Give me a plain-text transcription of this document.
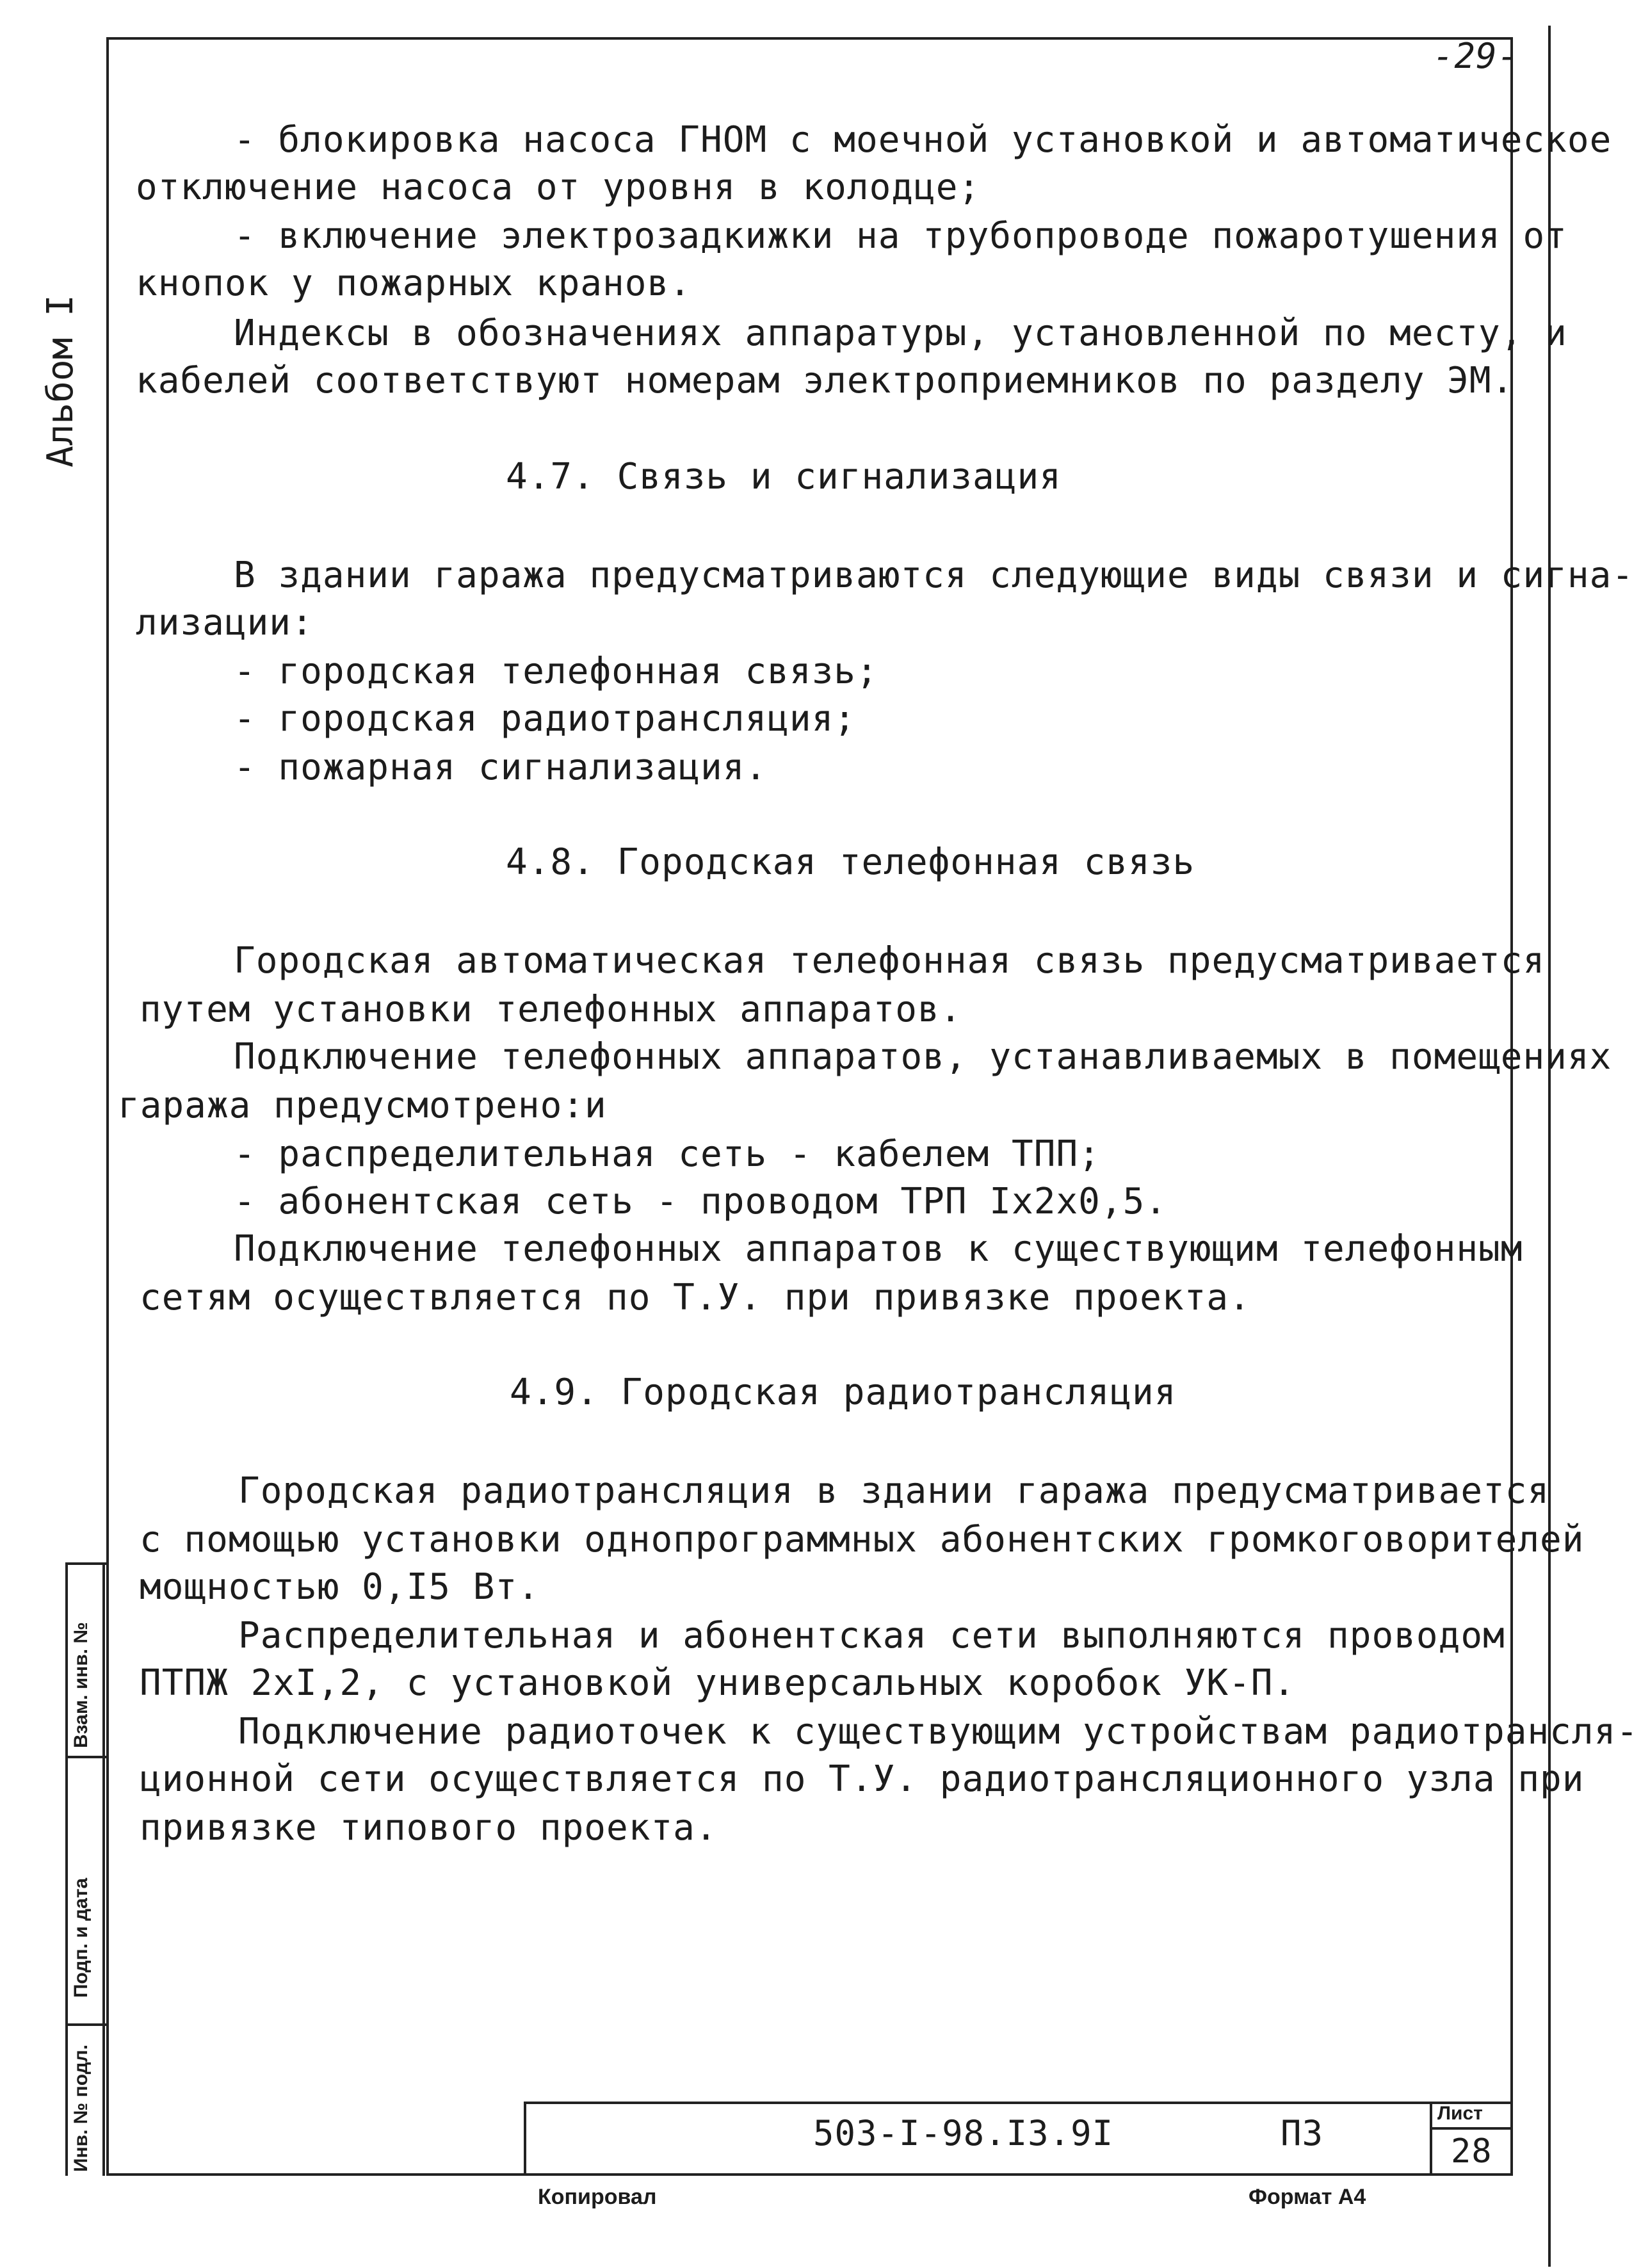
-29-
Альбом I
Взам. инв. №
Подп. и дата
Инв. № подл.
- блокировка насоса ГНОМ с моечной установкой и автоматическое
отключение насоса от уровня в колодце;
- включение электрозадкижки на трубопроводе пожаротушения от
кнопок у пожарных кранов.
Индексы в обозначениях аппаратуры, установленной по месту, и
кабелей соответствуют номерам электроприемников по разделу ЭМ.
4.7. Связь и сигнализация
В здании гаража предусматриваются следующие виды связи и сигна-
лизации:
- городская телефонная связь;
- городская радиотрансляция;
- пожарная сигнализация.
4.8. Городская телефонная связь
Городская автоматическая телефонная связь предусматривается
путем установки телефонных аппаратов.
Подключение телефонных аппаратов, устанавливаемых в помещениях
гаража предусмотрено:и
- распределительная сеть - кабелем ТПП;
- абонентская сеть - проводом ТРП Iх2х0,5.
Подключение телефонных аппаратов к существующим телефонным
сетям осуществляется по Т.У. при привязке проекта.
4.9. Городская радиотрансляция
Городская радиотрансляция в здании гаража предусматривается
с помощью установки однопрограммных абонентских громкоговорителей
мощностью 0,I5 Вт.
Распределительная и абонентская сети выполняются проводом
ПТПЖ 2хI,2, с установкой универсальных коробок УК-П.
Подключение радиоточек к существующим устройствам радиотрансля-
ционной сети осуществляется по Т.У. радиотрансляционного узла при
привязке типового проекта.
503-I-98.I3.9I	ПЗ	Лист
28
Копировал	Формат А4
